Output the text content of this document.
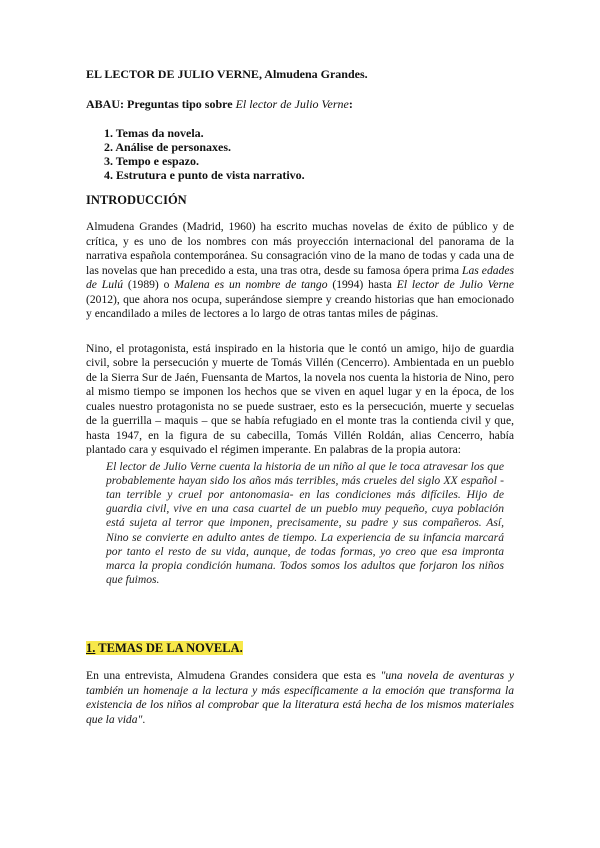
EL LECTOR DE JULIO VERNE, Almudena Grandes.
ABAU: Preguntas tipo sobre El lector de Julio Verne:
1. Temas da novela.
2. Análise de personaxes.
3. Tempo e espazo.
4. Estrutura e punto de vista narrativo.
INTRODUCCIÓN

Almudena Grandes (Madrid, 1960) ha escrito muchas novelas de éxito de público y de crítica, y es uno de los nombres con más proyección internacional del panorama de la narrativa española contemporánea. Su consagración vino de la mano de todas y cada una de las novelas que han precedido a esta, una tras otra, desde su famosa ópera prima Las edades de Lulú (1989) o Malena es un nombre de tango (1994) hasta El lector de Julio Verne (2012), que ahora nos ocupa, superándose siempre y creando historias que han emocionado y encandilado a miles de lectores a lo largo de otras tantas miles de páginas.

Nino, el protagonista, está inspirado en la historia que le contó un amigo, hijo de guardia civil, sobre la persecución y muerte de Tomás Villén (Cencerro). Ambientada en un pueblo de la Sierra Sur de Jaén, Fuensanta de Martos, la novela nos cuenta la historia de Nino, pero al mismo tiempo se imponen los hechos que se viven en aquel lugar y en la época, de los cuales nuestro protagonista no se puede sustraer, esto es la persecución, muerte y secuelas de la guerrilla – maquis – que se había refugiado en el monte tras la contienda civil y que, hasta 1947, en la figura de su cabecilla, Tomás Villén Roldán, alias Cencerro, había plantado cara y esquivado el régimen imperante. En palabras de la propia autora:

El lector de Julio Verne cuenta la historia de un niño al que le toca atravesar los que probablemente hayan sido los años más terribles, más crueles del siglo XX español -tan terrible y cruel por antonomasia- en las condiciones más difíciles. Hijo de guardia civil, vive en una casa cuartel de un pueblo muy pequeño, cuya población está sujeta al terror que imponen, precisamente, su padre y sus compañeros. Así, Nino se convierte en adulto antes de tiempo. La experiencia de su infancia marcará por tanto el resto de su vida, aunque, de todas formas, yo creo que esa impronta marca la propia condición humana. Todos somos los adultos que forjaron los niños que fuimos.
1. TEMAS DE LA NOVELA.

En una entrevista, Almudena Grandes considera que esta es "una novela de aventuras y también un homenaje a la lectura y más específicamente a la emoción que transforma la existencia de los niños al comprobar que la literatura está hecha de los mismos materiales que la vida".
